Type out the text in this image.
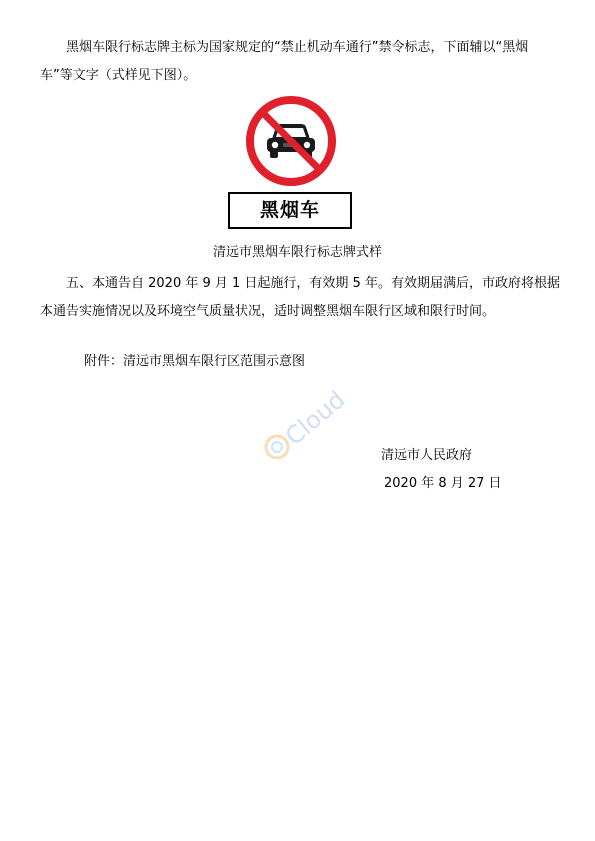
黑烟车限行标志牌主标为国家规定的“禁止机动车通行”禁令标志，下面辅以“黑烟车”等文字（式样见下图）。

黑烟车
清远市黑烟车限行标志牌式样

五、本通告自 2020 年 9 月 1 日起施行，有效期 5 年。有效期届满后，市政府将根据本通告实施情况以及环境空气质量状况，适时调整黑烟车限行区域和限行时间。

附件：清远市黑烟车限行区范围示意图
Cloud
清远市人民政府
2020 年 8 月 27 日
